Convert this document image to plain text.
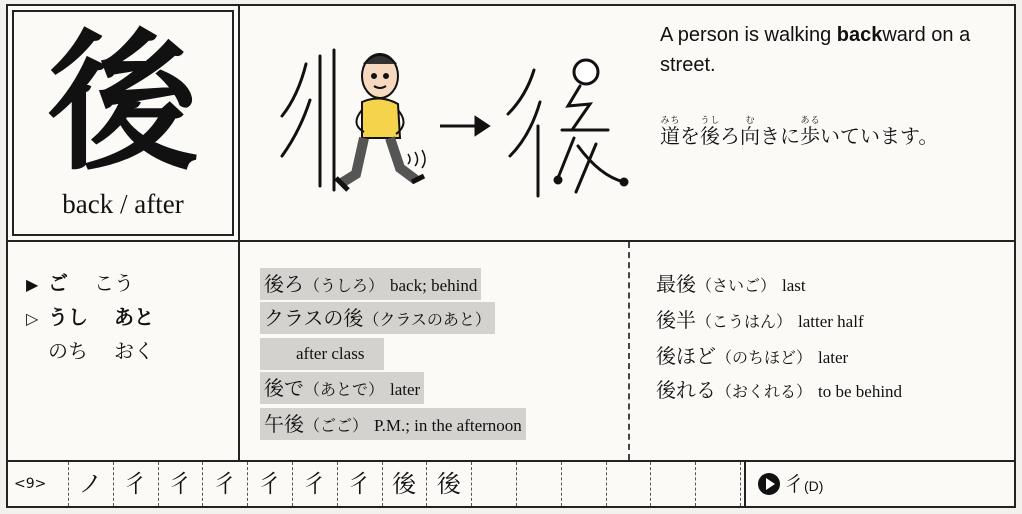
後
back / after
A person is walking backward on a street.
道みちを後うしろ向むきに歩あるいています。
▶ ご こう
▷ うし あと
のち おく
後ろ（うしろ） back; behind
クラスの後（クラスのあと）
after class
後で（あとで） later
午後（ごご） P.M.; in the afternoon
最後（さいご） last
後半（こうはん） latter half
後ほど（のちほど） later
後れる（おくれる） to be behind
<9>	ノ 彳 彳 彳 彳 彳 彳 後 後	彳(D)
